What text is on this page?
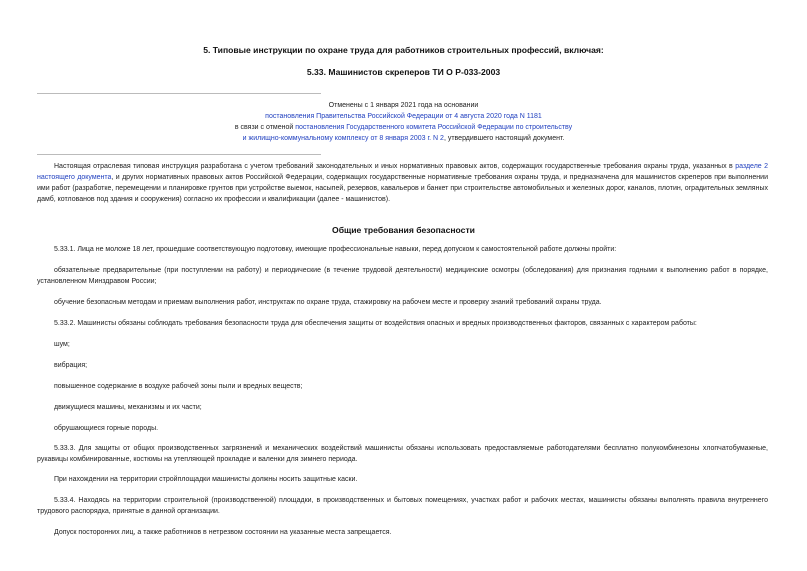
5. Типовые инструкции по охране труда для работников строительных профессий, включая:
5.33. Машинистов скреперов ТИ О Р-033-2003
Отменены с 1 января 2021 года на основании
постановления Правительства Российской Федерации от 4 августа 2020 года N 1181
в связи с отменой постановления Государственного комитета Российской Федерации по строительству
и жилищно-коммунальному комплексу от 8 января 2003 г. N 2, утвердившего настоящий документ.
Настоящая отраслевая типовая инструкция разработана с учетом требований законодательных и иных нормативных правовых актов, содержащих государственные требования охраны труда, указанных в разделе 2 настоящего документа, и других нормативных правовых актов Российской Федерации, содержащих государственные нормативные требования охраны труда, и предназначена для машинистов скреперов при выполнении ими работ (разработке, перемещении и планировке грунтов при устройстве выемок, насыпей, резервов, кавальеров и банкет при строительстве автомобильных и железных дорог, каналов, плотин, оградительных земляных дамб, котлованов под здания и сооружения) согласно их профессии и квалификации (далее - машинистов).
Общие требования безопасности
5.33.1. Лица не моложе 18 лет, прошедшие соответствующую подготовку, имеющие профессиональные навыки, перед допуском к самостоятельной работе должны пройти:
обязательные предварительные (при поступлении на работу) и периодические (в течение трудовой деятельности) медицинские осмотры (обследования) для признания годными к выполнению работ в порядке, установленном Минздравом России;
обучение безопасным методам и приемам выполнения работ, инструктаж по охране труда, стажировку на рабочем месте и проверку знаний требований охраны труда.
5.33.2. Машинисты обязаны соблюдать требования безопасности труда для обеспечения защиты от воздействия опасных и вредных производственных факторов, связанных с характером работы:
шум;
вибрация;
повышенное содержание в воздухе рабочей зоны пыли и вредных веществ;
движущиеся машины, механизмы и их части;
обрушающиеся горные породы.
5.33.3. Для защиты от общих производственных загрязнений и механических воздействий машинисты обязаны использовать предоставляемые работодателями бесплатно полукомбинезоны хлопчатобумажные, рукавицы комбинированные, костюмы на утепляющей прокладке и валенки для зимнего периода.
При нахождении на территории стройплощадки машинисты должны носить защитные каски.
5.33.4. Находясь на территории строительной (производственной) площадки, в производственных и бытовых помещениях, участках работ и рабочих местах, машинисты обязаны выполнять правила внутреннего трудового распорядка, принятые в данной организации.
Допуск посторонних лиц, а также работников в нетрезвом состоянии на указанные места запрещается.
